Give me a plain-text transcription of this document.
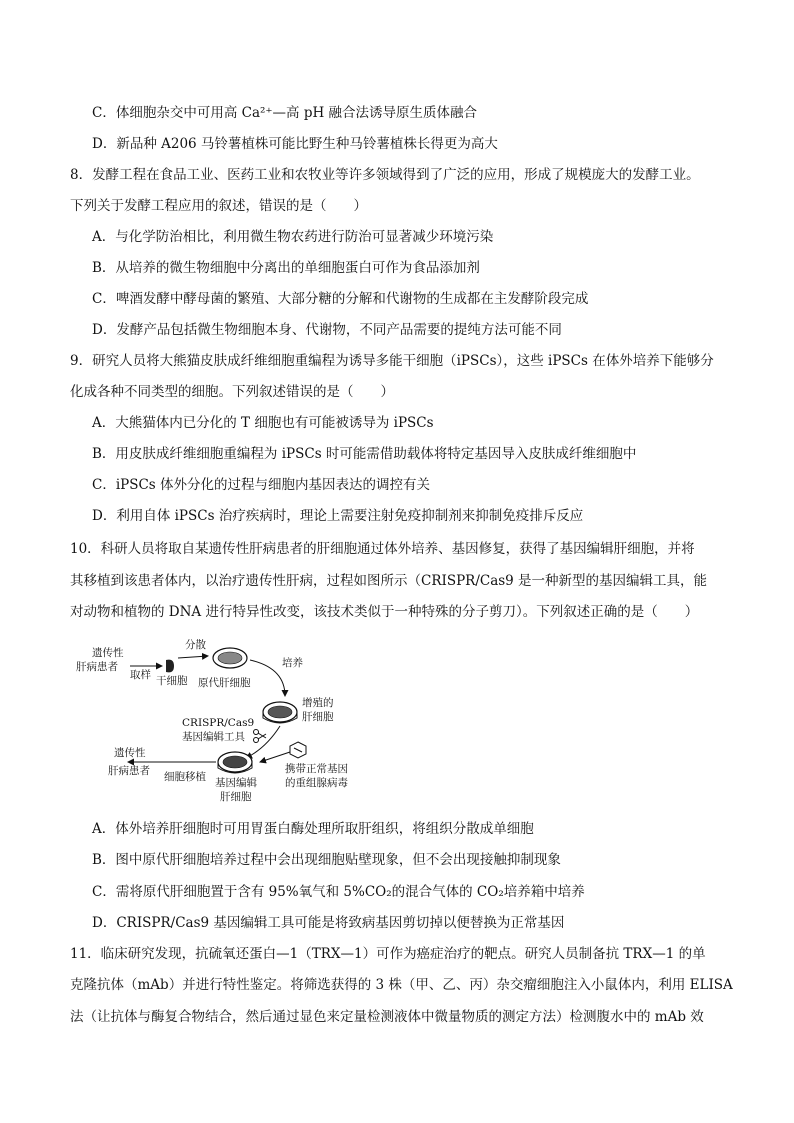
C．体细胞杂交中可用高 Ca²⁺—高 pH 融合法诱导原生质体融合
D．新品种 A206 马铃薯植株可能比野生种马铃薯植株长得更为高大
8．发酵工程在食品工业、医药工业和农牧业等许多领域得到了广泛的应用，形成了规模庞大的发酵工业。
下列关于发酵工程应用的叙述，错误的是（　　）
A．与化学防治相比，利用微生物农药进行防治可显著减少环境污染
B．从培养的微生物细胞中分离出的单细胞蛋白可作为食品添加剂
C．啤酒发酵中酵母菌的繁殖、大部分糖的分解和代谢物的生成都在主发酵阶段完成
D．发酵产品包括微生物细胞本身、代谢物，不同产品需要的提纯方法可能不同
9．研究人员将大熊猫皮肤成纤维细胞重编程为诱导多能干细胞（iPSCs），这些 iPSCs 在体外培养下能够分
化成各种不同类型的细胞。下列叙述错误的是（　　）
A．大熊猫体内已分化的 T 细胞也有可能被诱导为 iPSCs
B．用皮肤成纤维细胞重编程为 iPSCs 时可能需借助载体将特定基因导入皮肤成纤维细胞中
C．iPSCs 体外分化的过程与细胞内基因表达的调控有关
D．利用自体 iPSCs 治疗疾病时，理论上需要注射免疫抑制剂来抑制免疫排斥反应
10．科研人员将取自某遗传性肝病患者的肝细胞通过体外培养、基因修复，获得了基因编辑肝细胞，并将
其移植到该患者体内，以治疗遗传性肝病，过程如图所示（CRISPR/Cas9 是一种新型的基因编辑工具，能
对动物和植物的 DNA 进行特异性改变，该技术类似于一种特殊的分子剪刀）。下列叙述正确的是（　　）
遗传性
肝病患者
取样 干细胞
分散
原代肝细胞
培养
增殖的
肝细胞
CRISPR/Cas9
基因编辑工具
携带正常基因
的重组腺病毒
基因编辑
肝细胞
细胞移植
遗传性
肝病患者
A．体外培养肝细胞时可用胃蛋白酶处理所取肝组织，将组织分散成单细胞
B．图中原代肝细胞培养过程中会出现细胞贴壁现象，但不会出现接触抑制现象
C．需将原代肝细胞置于含有 95%氧气和 5%CO₂的混合气体的 CO₂培养箱中培养
D．CRISPR/Cas9 基因编辑工具可能是将致病基因剪切掉以便替换为正常基因
11．临床研究发现，抗硫氧还蛋白—1（TRX—1）可作为癌症治疗的靶点。研究人员制备抗 TRX—1 的单
克隆抗体（mAb）并进行特性鉴定。将筛选获得的 3 株（甲、乙、丙）杂交瘤细胞注入小鼠体内，利用 ELISA
法（让抗体与酶复合物结合，然后通过显色来定量检测液体中微量物质的测定方法）检测腹水中的 mAb 效
